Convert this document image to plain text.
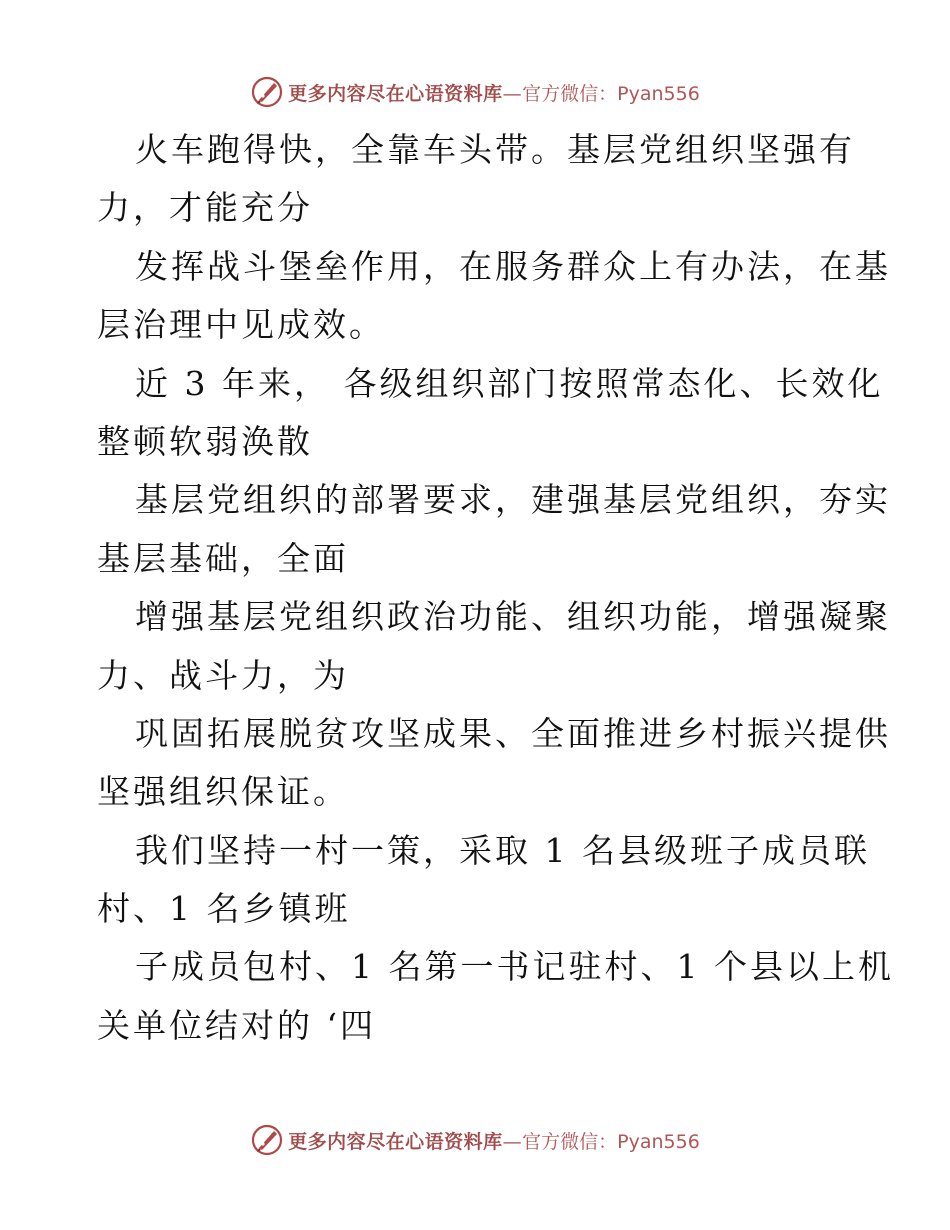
更多内容尽在心语资料库—官方微信：Pyan556
火车跑得快，全靠车头带。基层党组织坚强有
力，才能充分
发挥战斗堡垒作用，在服务群众上有办法，在基
层治理中见成效。
近 3 年来， 各级组织部门按照常态化、长效化
整顿软弱涣散
基层党组织的部署要求，建强基层党组织，夯实
基层基础，全面
增强基层党组织政治功能、组织功能，增强凝聚
力、战斗力，为
巩固拓展脱贫攻坚成果、全面推进乡村振兴提供
坚强组织保证。
我们坚持一村一策，采取 1 名县级班子成员联
村、1 名乡镇班
子成员包村、1 名第一书记驻村、1 个县以上机
关单位结对的 ‘四
更多内容尽在心语资料库—官方微信：Pyan556
